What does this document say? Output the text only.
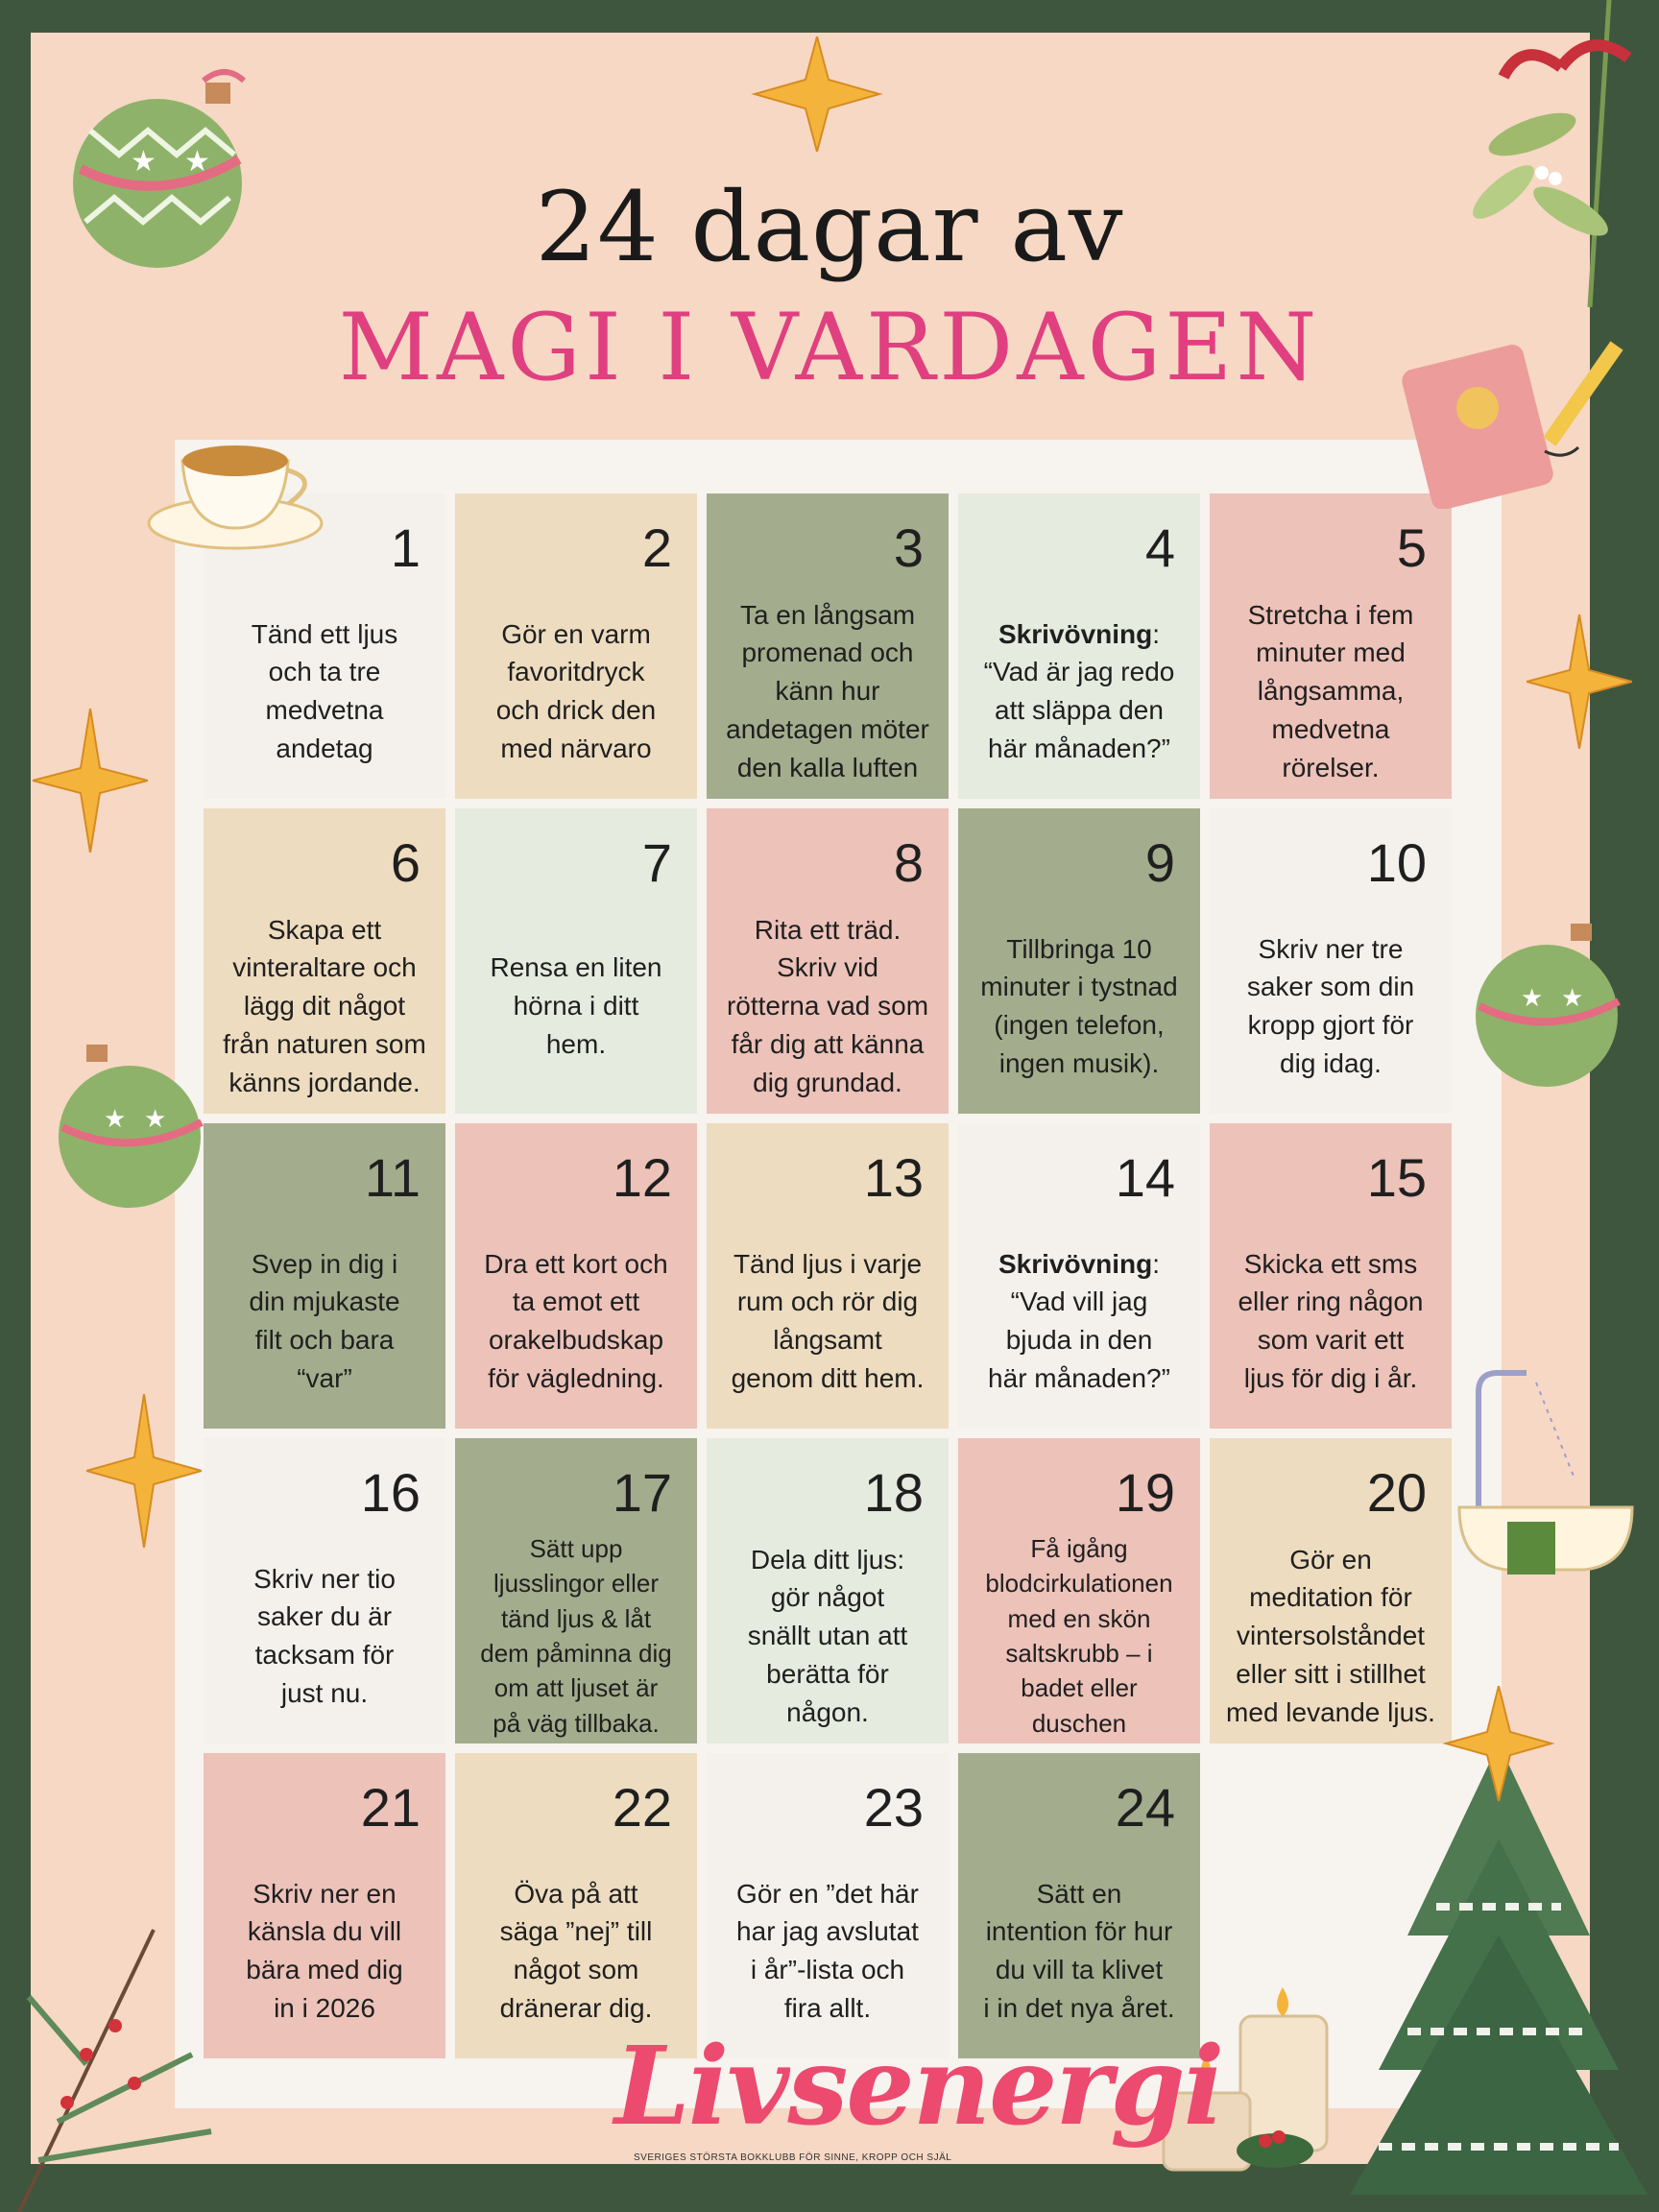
24 dagar av
MAGI I VARDAGEN
1
Tänd ett ljus
och ta tre
medvetna
andetag
2
Gör en varm
favoritdryck
och drick den
med närvaro
3
Ta en långsam
promenad och
känn hur
andetagen möter
den kalla luften
4
Skrivövning:
“Vad är jag redo
att släppa den
här månaden?”
5
Stretcha i fem
minuter med
långsamma,
medvetna
rörelser.
6
Skapa ett
vinteraltare och
lägg dit något
från naturen som
känns jordande.
7
Rensa en liten
hörna i ditt
hem.
8
Rita ett träd.
Skriv vid
rötterna vad som
får dig att känna
dig grundad.
9
Tillbringa 10
minuter i tystnad
(ingen telefon,
ingen musik).
10
Skriv ner tre
saker som din
kropp gjort för
dig idag.
11
Svep in dig i
din mjukaste
filt och bara
“var”
12
Dra ett kort och
ta emot ett
orakelbudskap
för vägledning.
13
Tänd ljus i varje
rum och rör dig
långsamt
genom ditt hem.
14
Skrivövning:
“Vad vill jag
bjuda in den
här månaden?”
15
Skicka ett sms
eller ring någon
som varit ett
ljus för dig i år.
16
Skriv ner tio
saker du är
tacksam för
just nu.
17
Sätt upp
ljusslingor eller
tänd ljus & låt
dem påminna dig
om att ljuset är
på väg tillbaka.
18
Dela ditt ljus:
gör något
snällt utan att
berätta för
någon.
19
Få igång
blodcirkulationen
med en skön
saltskrubb – i
badet eller
duschen
20
Gör en
meditation för
vintersolståndet
eller sitt i stillhet
med levande ljus.
21
Skriv ner en
känsla du vill
bära med dig
in i 2026
22
Öva på att
säga ”nej” till
något som
dränerar dig.
23
Gör en ”det här
har jag avslutat
i år”-lista och
fira allt.
24
Sätt en
intention för hur
du vill ta klivet
i in det nya året.
★ ★
★ ★
★ ★
Livsenergi
SVERIGES STÖRSTA BOKKLUBB FÖR SINNE, KROPP OCH SJÄL
